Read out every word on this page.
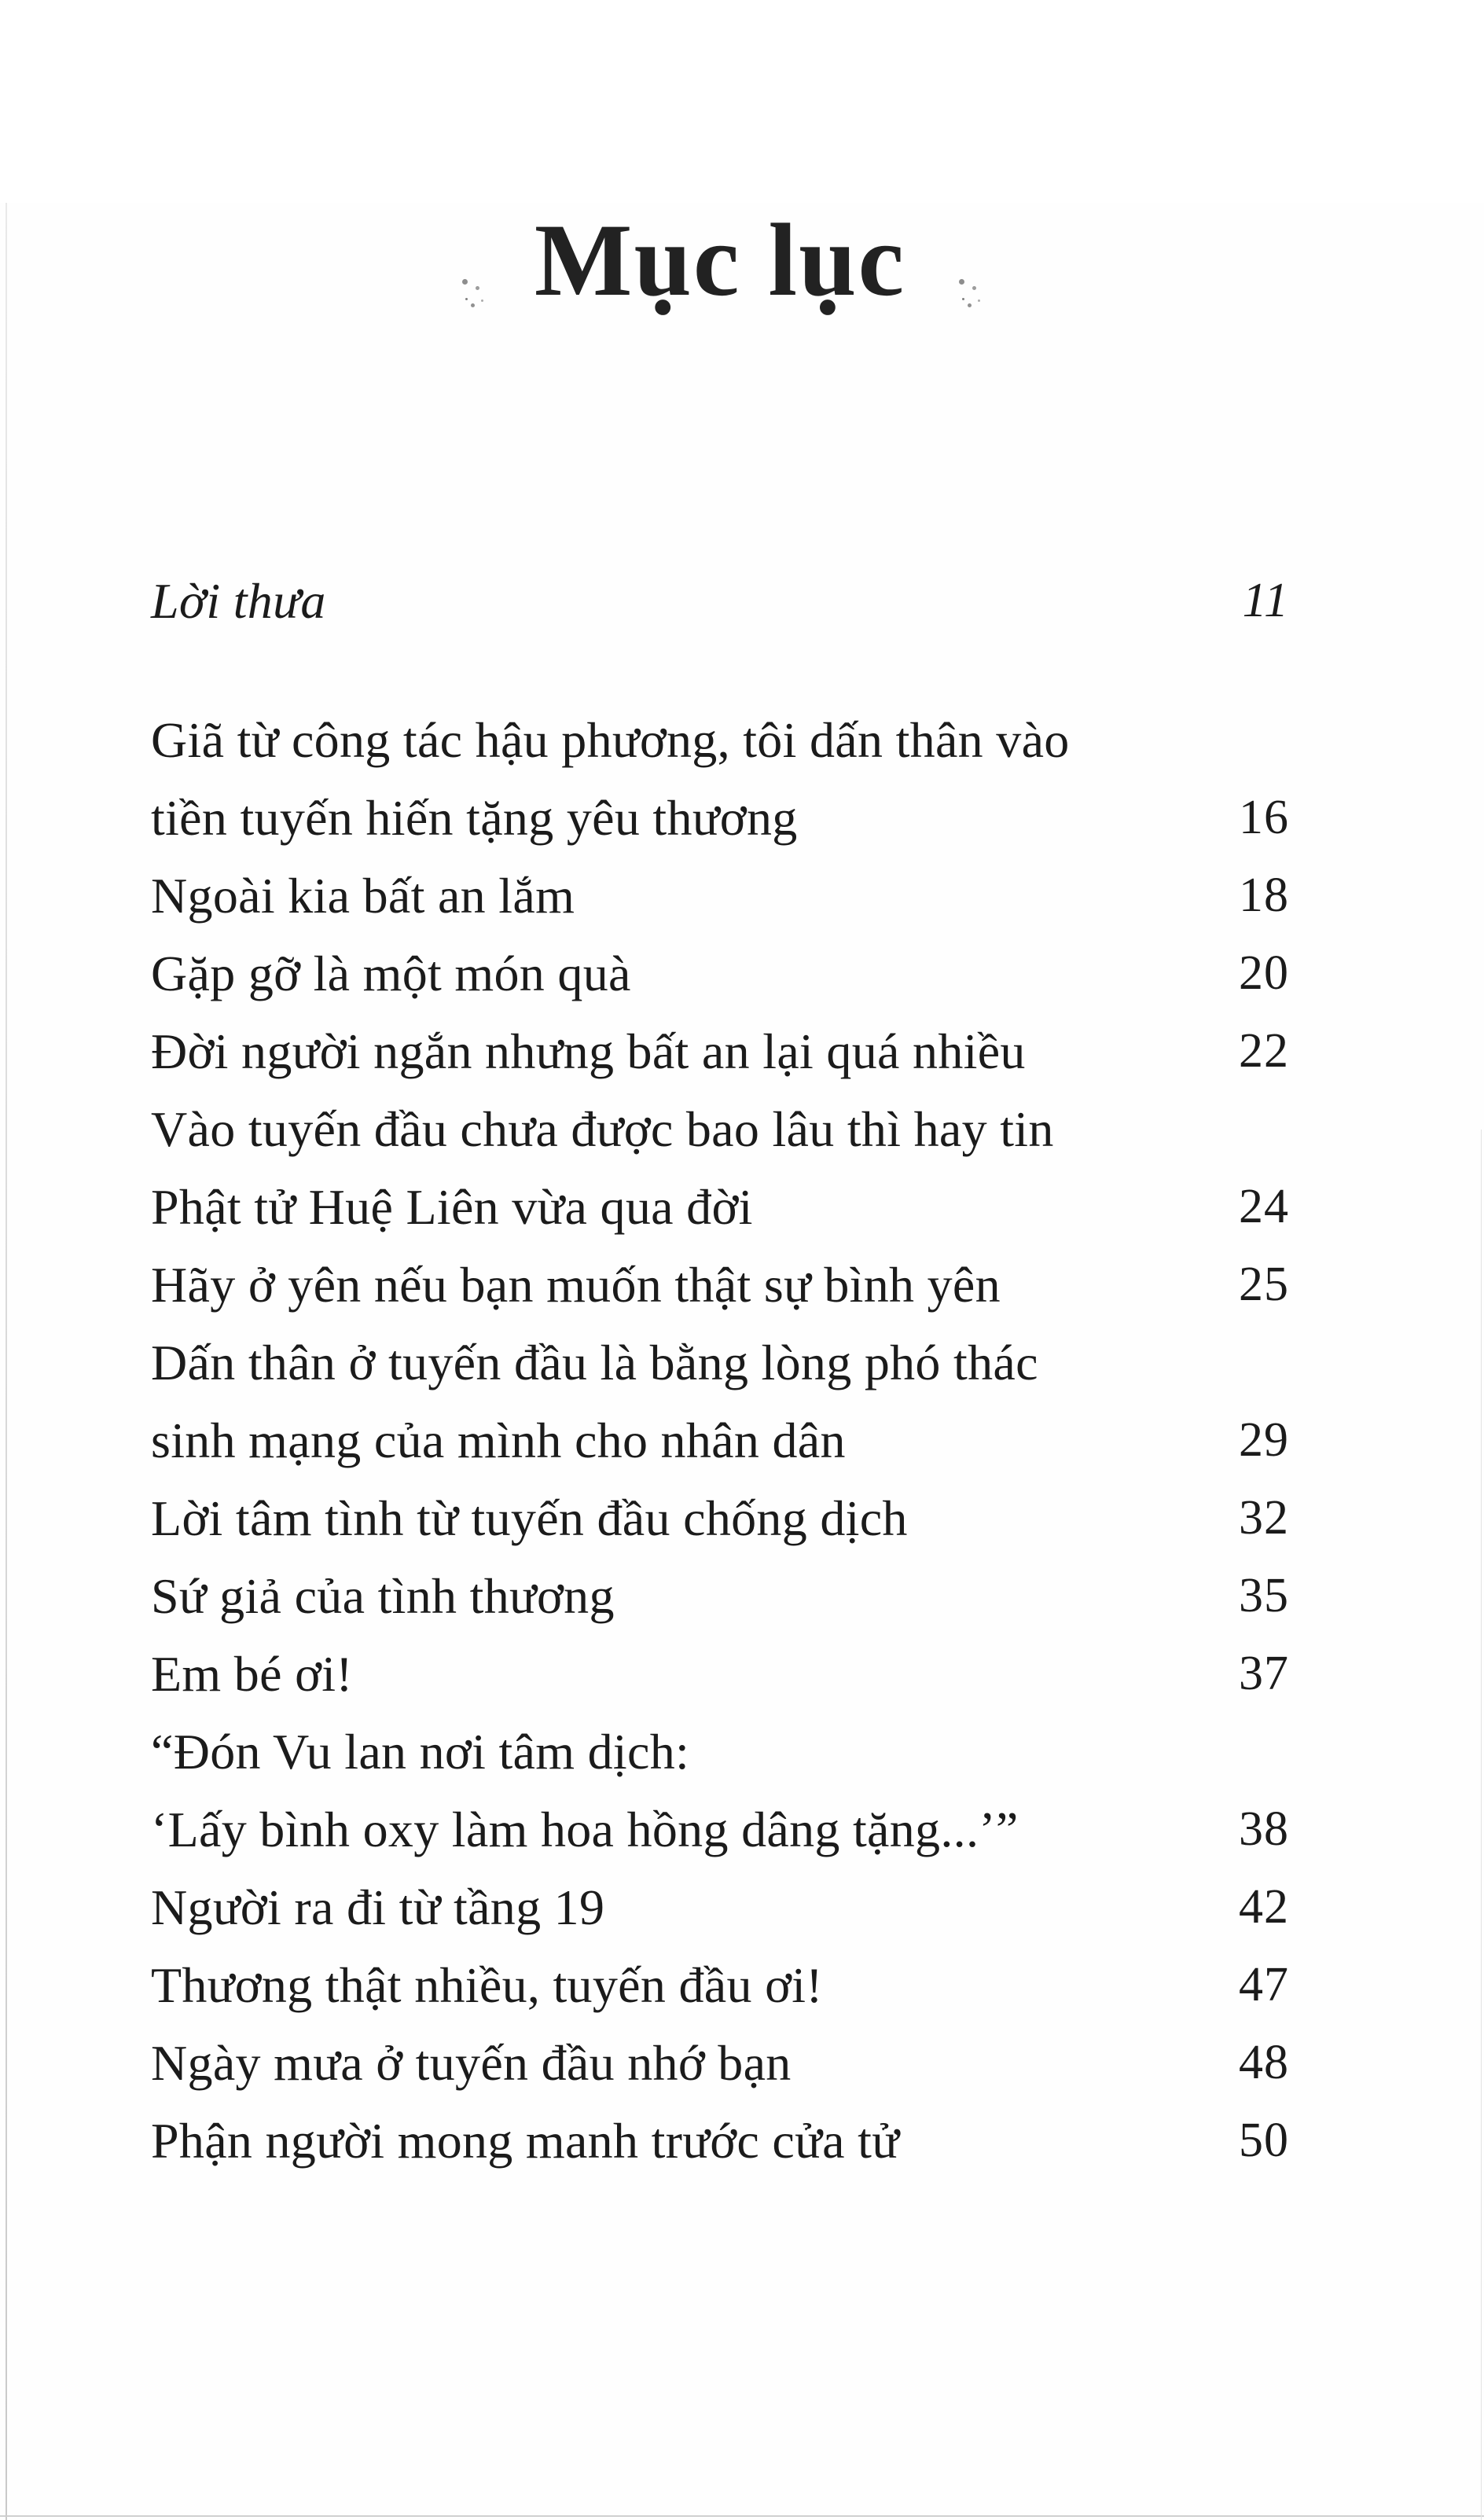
Mục lục
Lời thưa	11
Giã từ công tác hậu phương, tôi dấn thân vào
tiền tuyến hiến tặng yêu thương	16
Ngoài kia bất an lắm	18
Gặp gỡ là một món quà	20
Đời người ngắn nhưng bất an lại quá nhiều	22
Vào tuyến đầu chưa được bao lâu thì hay tin
Phật tử Huệ Liên vừa qua đời	24
Hãy ở yên nếu bạn muốn thật sự bình yên	25
Dấn thân ở tuyến đầu là bằng lòng phó thác
sinh mạng của mình cho nhân dân	29
Lời tâm tình từ tuyến đầu chống dịch	32
Sứ giả của tình thương	35
Em bé ơi!	37
“Đón Vu lan nơi tâm dịch:
‘Lấy bình oxy làm hoa hồng dâng tặng...’”	38
Người ra đi từ tầng 19	42
Thương thật nhiều, tuyến đầu ơi!	47
Ngày mưa ở tuyến đầu nhớ bạn	48
Phận người mong manh trước cửa tử	50
